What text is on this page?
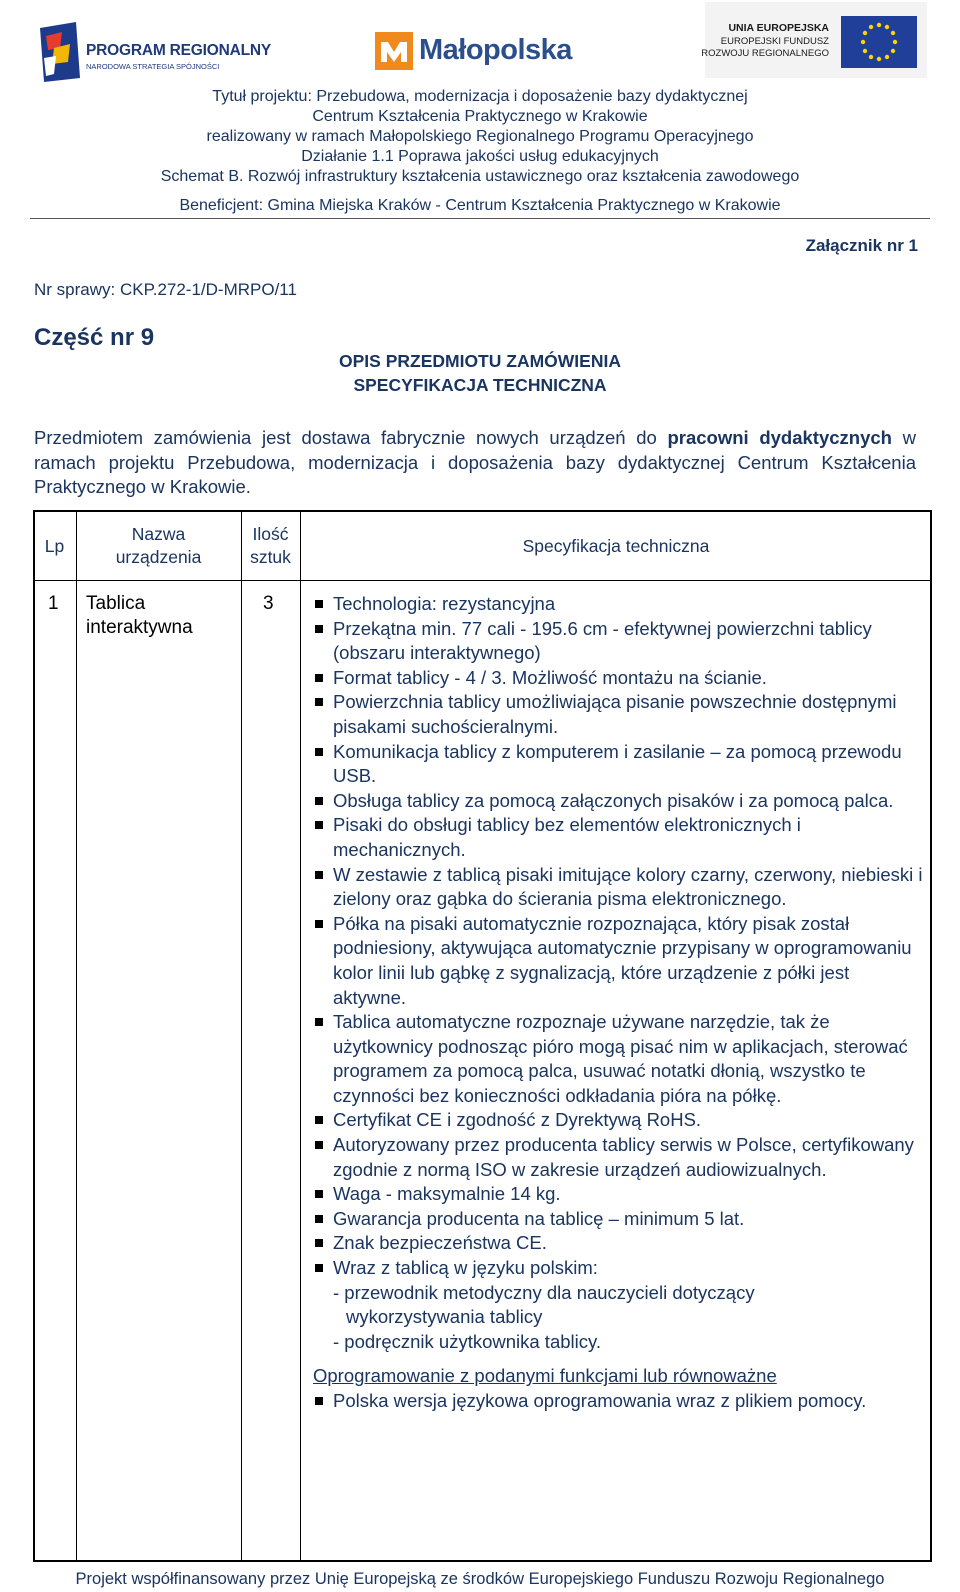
PROGRAM REGIONALNY
NARODOWA STRATEGIA SPÓJNOŚCI
Małopolska
UNIA EUROPEJSKA
EUROPEJSKI FUNDUSZ
ROZWOJU REGIONALNEGO
Tytuł projektu: Przebudowa, modernizacja i doposażenie bazy dydaktycznej
Centrum Kształcenia Praktycznego w Krakowie
realizowany w ramach Małopolskiego Regionalnego Programu Operacyjnego
Działanie 1.1 Poprawa jakości usług edukacyjnych
Schemat B. Rozwój infrastruktury kształcenia ustawicznego oraz kształcenia zawodowego
Beneficjent: Gmina Miejska Kraków - Centrum Kształcenia Praktycznego w Krakowie
Załącznik nr 1
Nr sprawy: CKP.272-1/D-MRPO/11
Część nr 9
OPIS PRZEDMIOTU ZAMÓWIENIA
SPECYFIKACJA TECHNICZNA
Przedmiotem zamówienia jest dostawa fabrycznie nowych urządzeń do pracowni dydaktycznych w ramach projektu Przebudowa, modernizacja i doposażenia bazy dydaktycznej Centrum Kształcenia Praktycznego w Krakowie.
Lp
Nazwa
urządzenia
Ilość
sztuk
Specyfikacja techniczna
1 Tablica
interaktywna
3	Technologia: rezystancyjna
Przekątna min. 77 cali - 195.6 cm - efektywnej powierzchni tablicy (obszaru interaktywnego)
Format tablicy - 4 / 3. Możliwość montażu na ścianie.
Powierzchnia tablicy umożliwiająca pisanie powszechnie dostępnymi pisakami suchościeralnymi.
Komunikacja tablicy z komputerem i zasilanie – za pomocą przewodu USB.
Obsługa tablicy za pomocą załączonych pisaków i za pomocą palca.
Pisaki do obsługi tablicy bez elementów elektronicznych i mechanicznych.
W zestawie z tablicą pisaki imitujące kolory czarny, czerwony, niebieski i zielony oraz gąbka do ścierania pisma elektronicznego.
Półka na pisaki automatycznie rozpoznająca, który pisak został podniesiony, aktywująca automatycznie przypisany w oprogramowaniu kolor linii lub gąbkę z sygnalizacją, które urządzenie z półki jest aktywne.
Tablica automatyczne rozpoznaje używane narzędzie, tak że użytkownicy podnosząc pióro mogą pisać nim w aplikacjach, sterować programem za pomocą palca, usuwać notatki dłonią, wszystko te czynności bez konieczności odkładania pióra na półkę.
Certyfikat CE i zgodność z Dyrektywą RoHS.
Autoryzowany przez producenta tablicy serwis w Polsce, certyfikowany zgodnie z normą ISO w zakresie urządzeń audiowizualnych.
Waga - maksymalnie 14 kg.
Gwarancja producenta na tablicę – minimum 5 lat.
Znak bezpieczeństwa CE.
Wraz z tablicą w języku polskim:
- przewodnik metodyczny dla nauczycieli dotyczący
wykorzystywania tablicy
- podręcznik użytkownika tablicy.
Oprogramowanie z podanymi funkcjami lub równoważne
Polska wersja językowa oprogramowania wraz z plikiem pomocy.
Projekt współfinansowany przez Unię Europejską ze środków Europejskiego Funduszu Rozwoju Regionalnego
